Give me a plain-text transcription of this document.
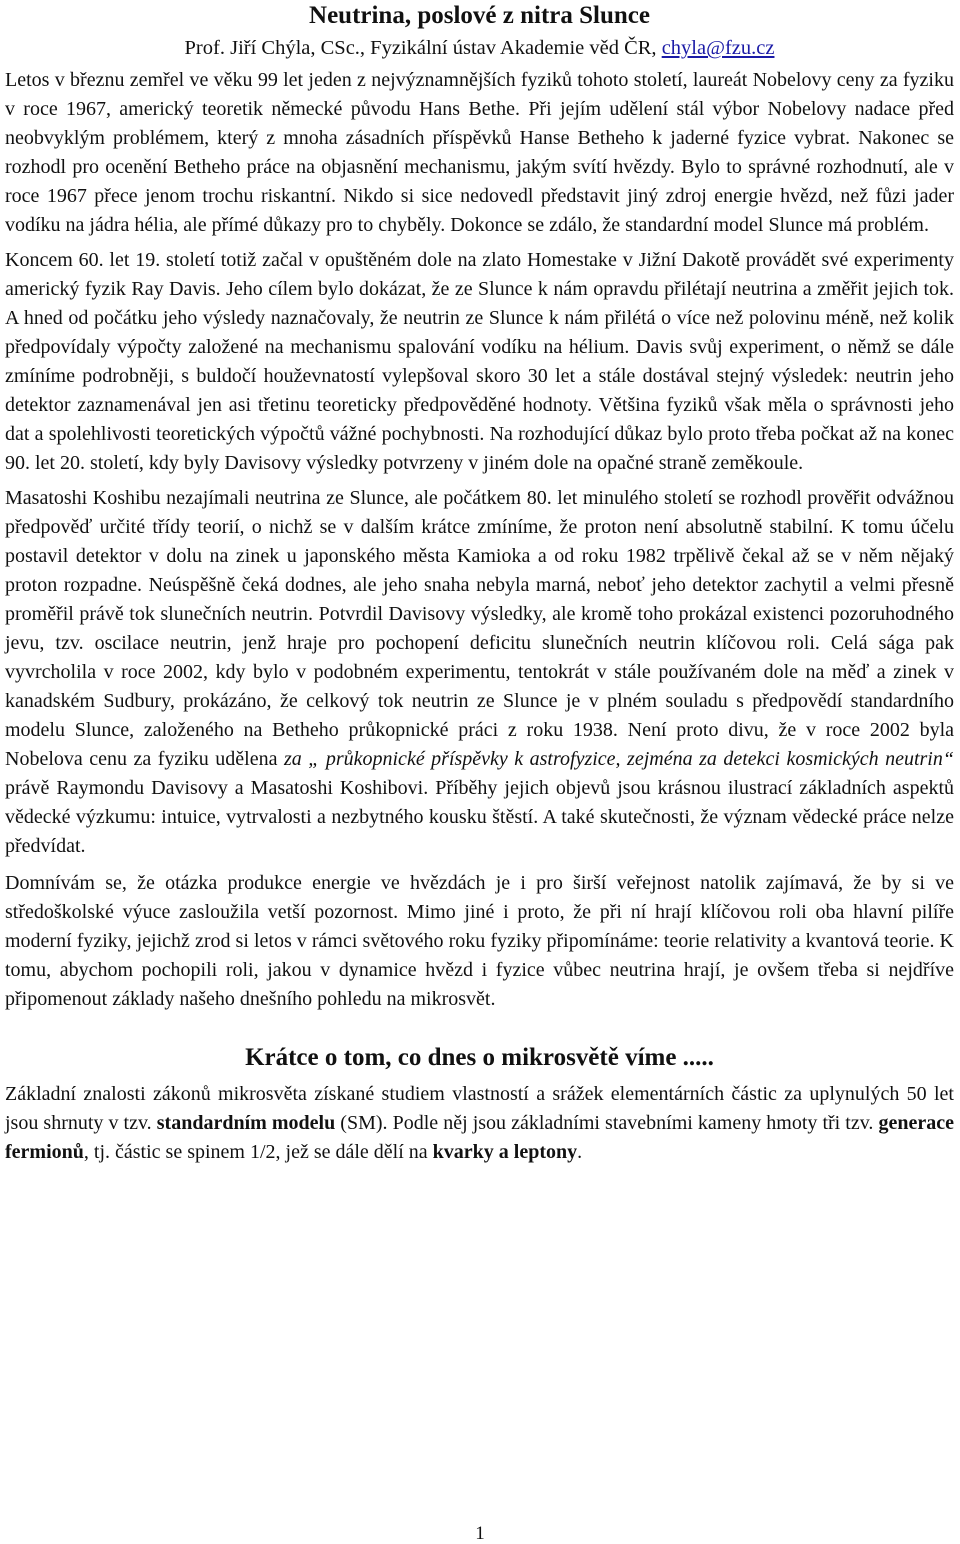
Neutrina, poslové z nitra Slunce
Prof. Jiří Chýla, CSc., Fyzikální ústav Akademie věd ČR, chyla@fzu.cz

Letos v březnu zemřel ve věku 99 let jeden z nejvýznamnějších fyziků tohoto století, laureát Nobelovy ceny za fyziku v roce 1967, americký teoretik německé původu Hans Bethe. Při jejím udělení stál výbor Nobelovy nadace před neobvyklým problémem, který z mnoha zásadních příspěvků Hanse Betheho k jaderné fyzice vybrat. Nakonec se rozhodl pro ocenění Betheho práce na objasnění mechanismu, jakým svítí hvězdy. Bylo to správné rozhodnutí, ale v roce 1967 přece jenom trochu riskantní. Nikdo si sice nedovedl představit jiný zdroj energie hvězd, než fůzi jader vodíku na jádra hélia, ale přímé důkazy pro to chyběly. Dokonce se zdálo, že standardní model Slunce má problém.

Koncem 60. let 19. století totiž začal v opuštěném dole na zlato Homestake v Jižní Dakotě provádět své experimenty americký fyzik Ray Davis. Jeho cílem bylo dokázat, že ze Slunce k nám opravdu přilétají neutrina a změřit jejich tok. A hned od počátku jeho výsledy naznačovaly, že neutrin ze Slunce k nám přilétá o více než polovinu méně, než kolik předpovídaly výpočty založené na mechanismu spalování vodíku na hélium. Davis svůj experiment, o němž se dále zmíníme podrobněji, s buldočí houževnatostí vylepšoval skoro 30 let a stále dostával stejný výsledek: neutrin jeho detektor zaznamenával jen asi třetinu teoreticky předpověděné hodnoty. Většina fyziků však měla o správnosti jeho dat a spolehlivosti teoretických výpočtů vážné pochybnosti. Na rozhodující důkaz bylo proto třeba počkat až na konec 90. let 20. století, kdy byly Davisovy výsledky potvrzeny v jiném dole na opačné straně zeměkoule.

Masatoshi Koshibu nezajímali neutrina ze Slunce, ale počátkem 80. let minulého století se rozhodl prověřit odvážnou předpověď určité třídy teorií, o nichž se v dalším krátce zmíníme, že proton není absolutně stabilní. K tomu účelu postavil detektor v dolu na zinek u japonského města Kamioka a od roku 1982 trpělivě čekal až se v něm nějaký proton rozpadne. Neúspěšně čeká dodnes, ale jeho snaha nebyla marná, neboť jeho detektor zachytil a velmi přesně proměřil právě tok slunečních neutrin. Potvrdil Davisovy výsledky, ale kromě toho prokázal existenci pozoruhodného jevu, tzv. oscilace neutrin, jenž hraje pro pochopení deficitu slunečních neutrin klíčovou roli. Celá sága pak vyvrcholila v roce 2002, kdy bylo v podobném experimentu, tentokrát v stále používaném dole na měď a zinek v kanadském Sudbury, prokázáno, že celkový tok neutrin ze Slunce je v plném souladu s předpovědí standardního modelu Slunce, založeného na Betheho průkopnické práci z roku 1938. Není proto divu, že v roce 2002 byla Nobelova cenu za fyziku udělena za „ průkopnické příspěvky k astrofyzice, zejména za detekci kosmických neutrin“ právě Raymondu Davisovy a Masatoshi Koshibovi. Příběhy jejich objevů jsou krásnou ilustrací základních aspektů vědecké výzkumu: intuice, vytrvalosti a nezbytného kousku štěstí. A také skutečnosti, že význam vědecké práce nelze předvídat.

Domnívám se, že otázka produkce energie ve hvězdách je i pro širší veřejnost natolik zajímavá, že by si ve středoškolské výuce zasloužila vetší pozornost. Mimo jiné i proto, že při ní hrají klíčovou roli oba hlavní pilíře moderní fyziky, jejichž zrod si letos v rámci světového roku fyziky připomínáme: teorie relativity a kvantová teorie. K tomu, abychom pochopili roli, jakou v dynamice hvězd i fyzice vůbec neutrina hrají, je ovšem třeba si nejdříve připomenout základy našeho dnešního pohledu na mikrosvět.

Krátce o tom, co dnes o mikrosvětě víme .....

Základní znalosti zákonů mikrosvěta získané studiem vlastností a srážek elementárních částic za uplynulých 50 let jsou shrnuty v tzv. standardním modelu (SM). Podle něj jsou základními stavebními kameny hmoty tři tzv. generace fermionů, tj. částic se spinem 1/2, jež se dále dělí na kvarky a leptony.

1
